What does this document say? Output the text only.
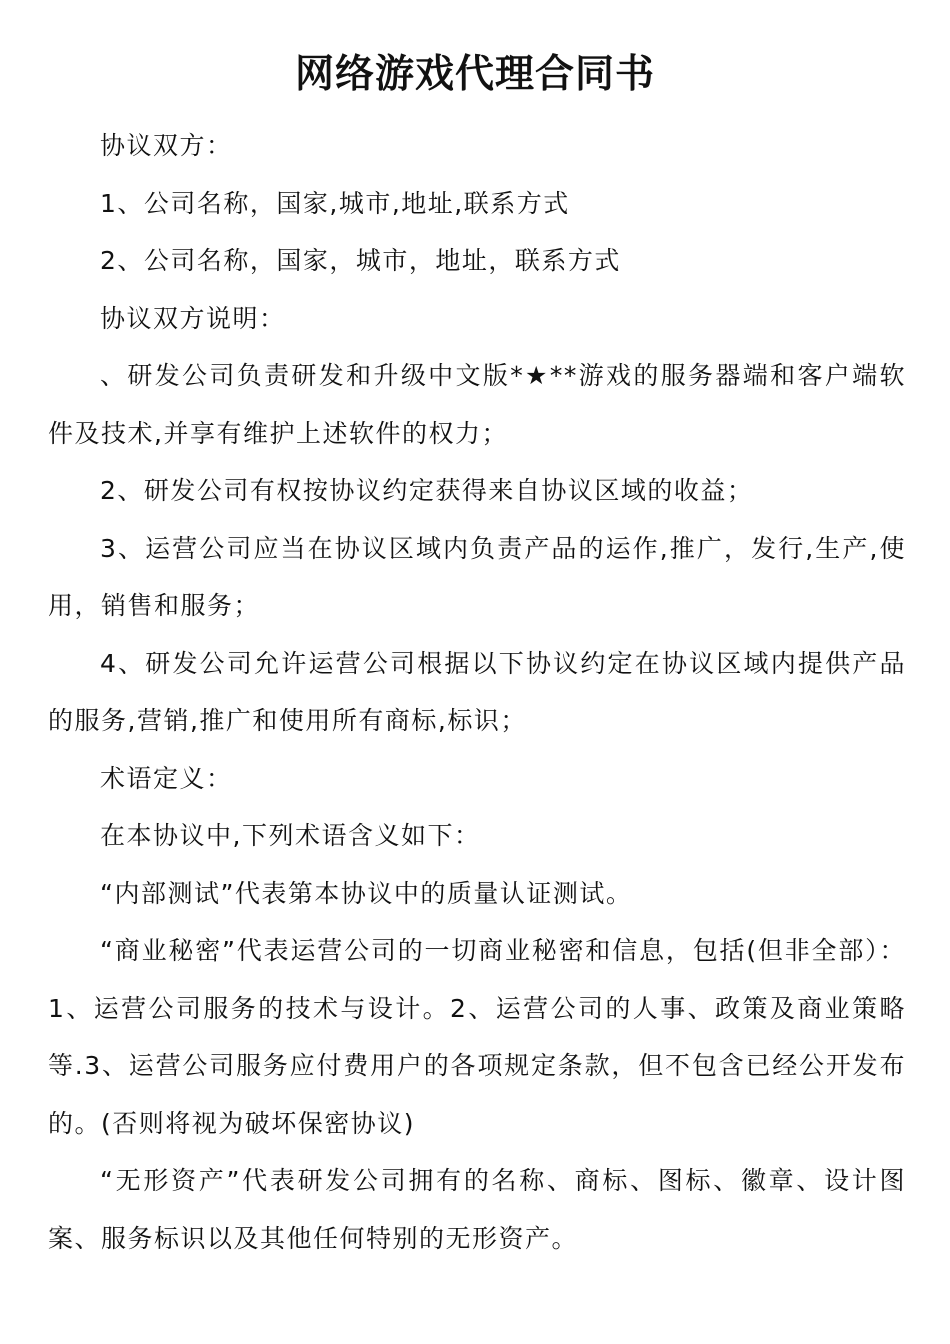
网络游戏代理合同书

协议双方：

1、公司名称，国家,城市,地址,联系方式

2、公司名称，国家，城市，地址，联系方式

协议双方说明：

、研发公司负责研发和升级中文版*★**游戏的服务器端和客户端软件及技术,并享有维护上述软件的权力；

2、研发公司有权按协议约定获得来自协议区域的收益；

3、运营公司应当在协议区域内负责产品的运作,推广，发行,生产,使用，销售和服务；

4、研发公司允许运营公司根据以下协议约定在协议区域内提供产品的服务,营销,推广和使用所有商标,标识；

术语定义：

在本协议中,下列术语含义如下：

“内部测试”代表第本协议中的质量认证测试。

“商业秘密”代表运营公司的一切商业秘密和信息，包括(但非全部）：1、运营公司服务的技术与设计。2、运营公司的人事、政策及商业策略等.3、运营公司服务应付费用户的各项规定条款，但不包含已经公开发布的。(否则将视为破坏保密协议)

“无形资产”代表研发公司拥有的名称、商标、图标、徽章、设计图案、服务标识以及其他任何特别的无形资产。
